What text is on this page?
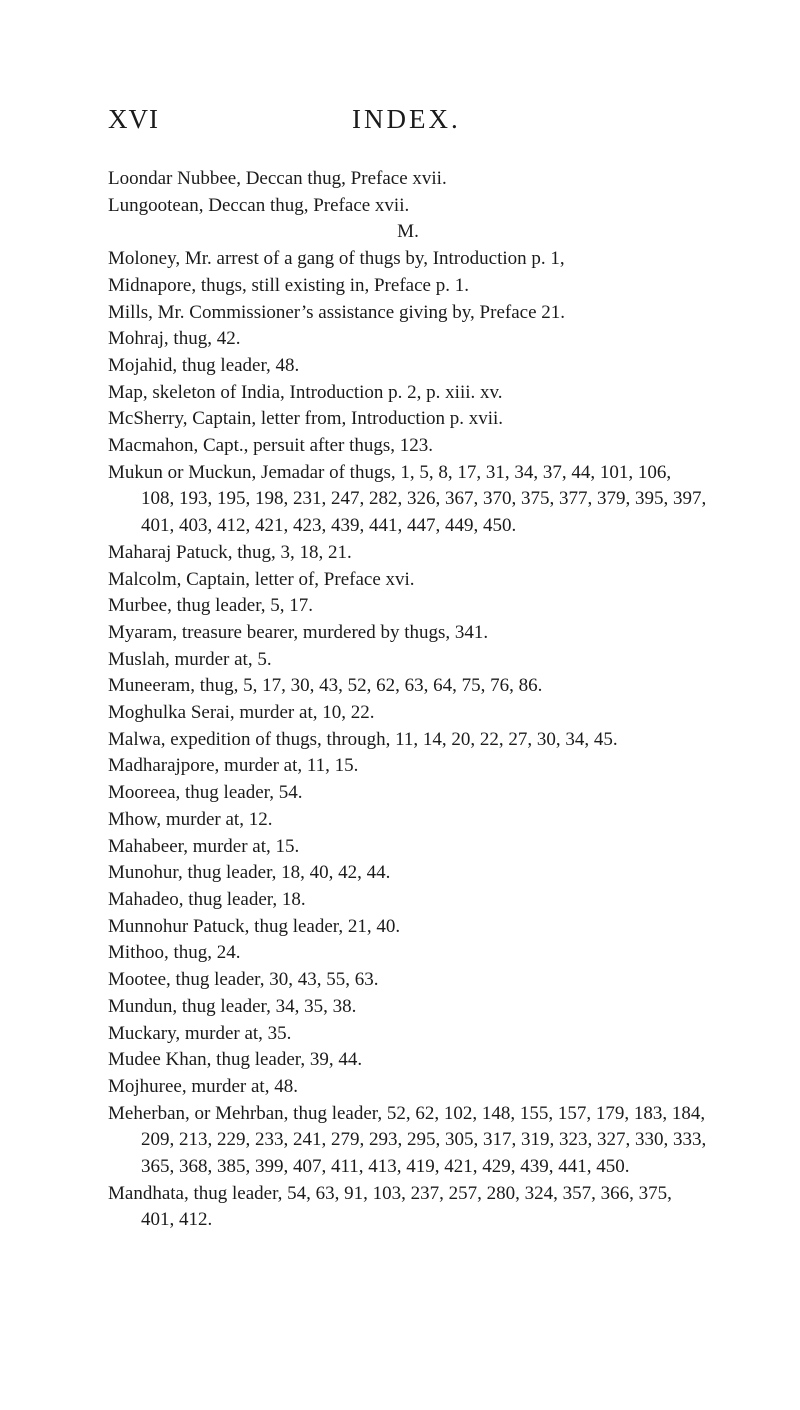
XVI	INDEX.
Loondar Nubbee, Deccan thug, Preface xvii.
Lungootean, Deccan thug, Preface xvii.
M.
Moloney, Mr. arrest of a gang of thugs by, Introduction p. 1,
Midnapore, thugs, still existing in, Preface p. 1.
Mills, Mr. Commissioner’s assistance giving by, Preface 21.
Mohraj, thug, 42.
Mojahid, thug leader, 48.
Map, skeleton of India, Introduction p. 2, p. xiii. xv.
McSherry, Captain, letter from, Introduction p. xvii.
Macmahon, Capt., persuit after thugs, 123.
Mukun or Muckun, Jemadar of thugs, 1, 5, 8, 17, 31, 34, 37, 44, 101, 106, 108, 193, 195, 198, 231, 247, 282, 326, 367, 370, 375, 377, 379, 395, 397, 401, 403, 412, 421, 423, 439, 441, 447, 449, 450.
Maharaj Patuck, thug, 3, 18, 21.
Malcolm, Captain, letter of, Preface xvi.
Murbee, thug leader, 5, 17.
Myaram, treasure bearer, murdered by thugs, 341.
Muslah, murder at, 5.
Muneeram, thug, 5, 17, 30, 43, 52, 62, 63, 64, 75, 76, 86.
Moghulka Serai, murder at, 10, 22.
Malwa, expedition of thugs, through, 11, 14, 20, 22, 27, 30, 34, 45.
Madharajpore, murder at, 11, 15.
Mooreea, thug leader, 54.
Mhow, murder at, 12.
Mahabeer, murder at, 15.
Munohur, thug leader, 18, 40, 42, 44.
Mahadeo, thug leader, 18.
Munnohur Patuck, thug leader, 21, 40.
Mithoo, thug, 24.
Mootee, thug leader, 30, 43, 55, 63.
Mundun, thug leader, 34, 35, 38.
Muckary, murder at, 35.
Mudee Khan, thug leader, 39, 44.
Mojhuree, murder at, 48.
Meherban, or Mehrban, thug leader, 52, 62, 102, 148, 155, 157, 179, 183, 184, 209, 213, 229, 233, 241, 279, 293, 295, 305, 317, 319, 323, 327, 330, 333, 365, 368, 385, 399, 407, 411, 413, 419, 421, 429, 439, 441, 450.
Mandhata, thug leader, 54, 63, 91, 103, 237, 257, 280, 324, 357, 366, 375, 401, 412.
